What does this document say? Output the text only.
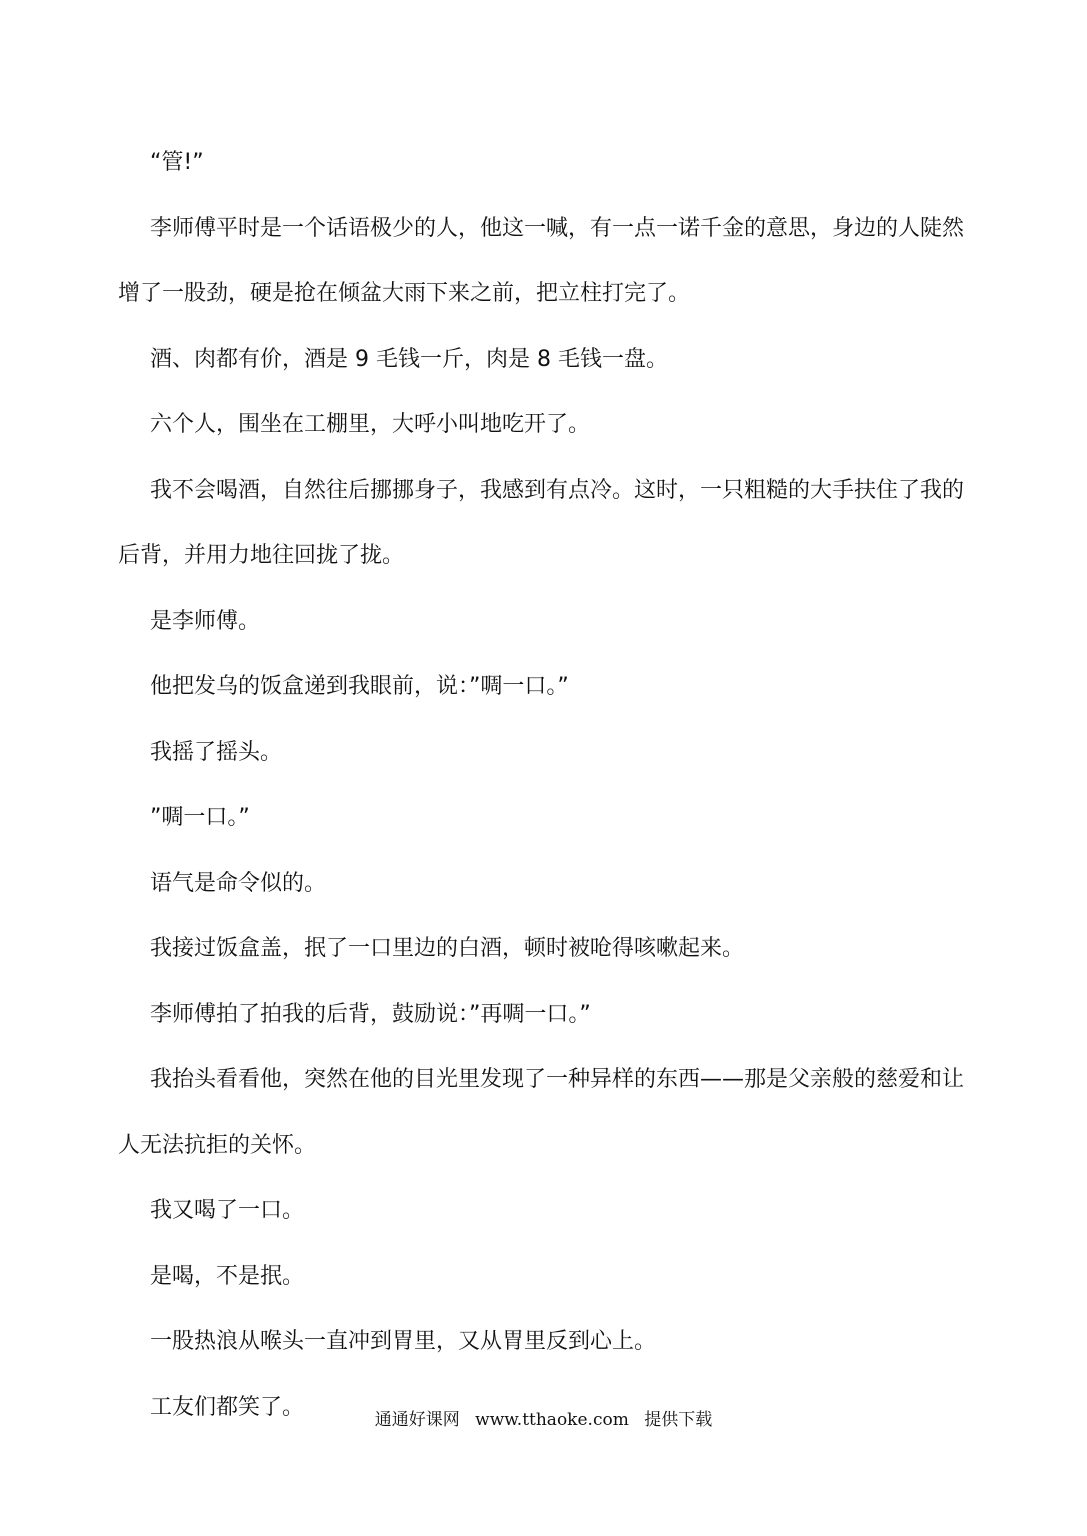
“管!”

李师傅平时是一个话语极少的人，他这一喊，有一点一诺千金的意思，身边的人陡然增了一股劲，硬是抢在倾盆大雨下来之前，把立柱打完了。

酒、肉都有价，酒是 9 毛钱一斤，肉是 8 毛钱一盘。

六个人，围坐在工棚里，大呼小叫地吃开了。

我不会喝酒，自然往后挪挪身子，我感到有点冷。这时，一只粗糙的大手扶住了我的后背，并用力地往回拢了拢。

是李师傅。

他把发乌的饭盒递到我眼前，说：”啁一口。”

我摇了摇头。

”啁一口。”

语气是命令似的。

我接过饭盒盖，抿了一口里边的白酒，顿时被呛得咳嗽起来。

李师傅拍了拍我的后背，鼓励说：”再啁一口。”

我抬头看看他，突然在他的目光里发现了一种异样的东西——那是父亲般的慈爱和让人无法抗拒的关怀。

我又喝了一口。

是喝，不是抿。

一股热浪从喉头一直冲到胃里，又从胃里反到心上。

工友们都笑了。

通通好课网 www.tthaoke.com 提供下载
